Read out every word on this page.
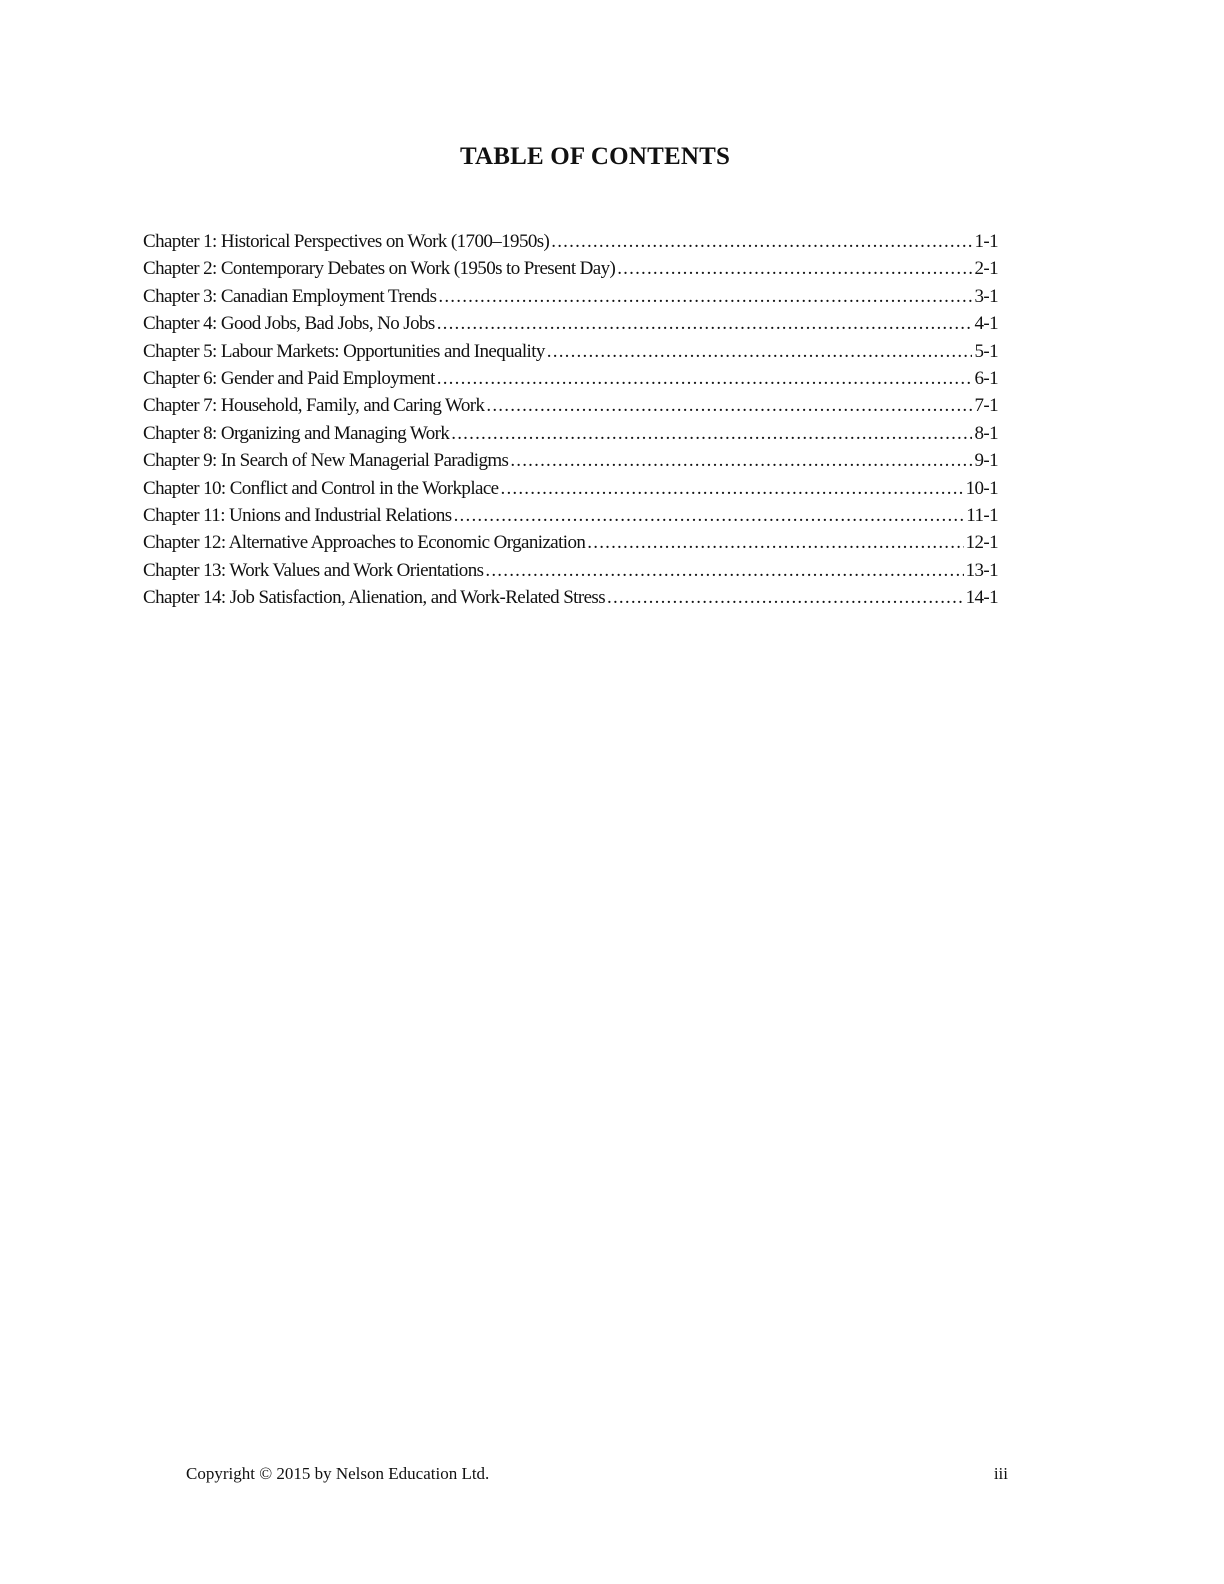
TABLE OF CONTENTS
Chapter 1: Historical Perspectives on Work (1700–1950s) .....	1-1
Chapter 2: Contemporary Debates on Work (1950s to Present Day) .....	2-1
Chapter 3: Canadian Employment Trends .....	3-1
Chapter 4: Good Jobs, Bad Jobs, No Jobs .....	4-1
Chapter 5: Labour Markets: Opportunities and Inequality .....	5-1
Chapter 6: Gender and Paid Employment .....	6-1
Chapter 7: Household, Family, and Caring Work .....	7-1
Chapter 8: Organizing and Managing Work .....	8-1
Chapter 9: In Search of New Managerial Paradigms .....	9-1
Chapter 10: Conflict and Control in the Workplace .....	10-1
Chapter 11: Unions and Industrial Relations .....	11-1
Chapter 12: Alternative Approaches to Economic Organization .....	12-1
Chapter 13: Work Values and Work Orientations .....	13-1
Chapter 14: Job Satisfaction, Alienation, and Work-Related Stress .....	14-1
Copyright © 2015 by Nelson Education Ltd.	iii
